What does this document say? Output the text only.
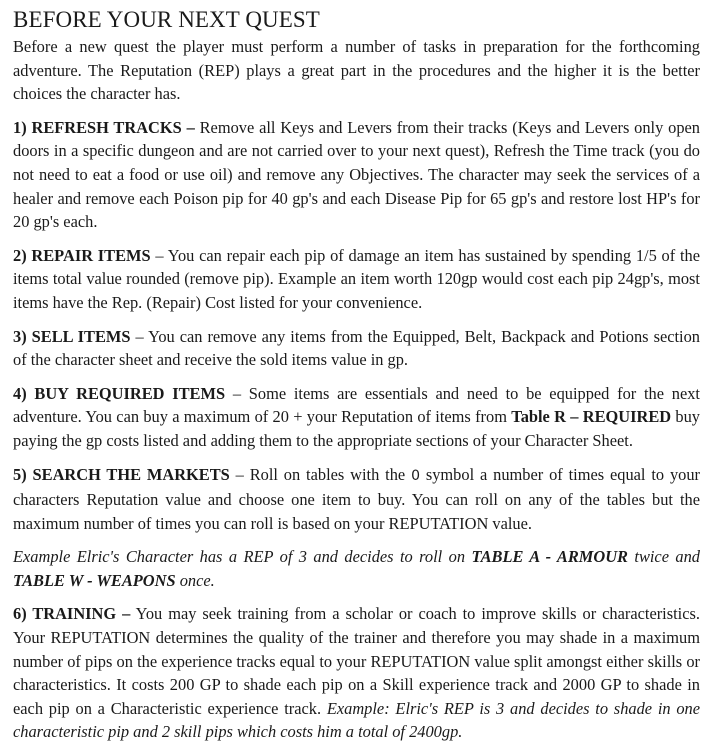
BEFORE YOUR NEXT QUEST

Before a new quest the player must perform a number of tasks in preparation for the forthcoming adventure. The Reputation (REP) plays a great part in the procedures and the higher it is the better choices the character has.

1) REFRESH TRACKS – Remove all Keys and Levers from their tracks (Keys and Levers only open doors in a specific dungeon and are not carried over to your next quest), Refresh the Time track (you do not need to eat a food or use oil) and remove any Objectives. The character may seek the services of a healer and remove each Poison pip for 40 gp's and each Disease Pip for 65 gp's and restore lost HP's for 20 gp's each.

2) REPAIR ITEMS – You can repair each pip of damage an item has sustained by spending 1/5 of the items total value rounded (remove pip). Example an item worth 120gp would cost each pip 24gp's, most items have the Rep. (Repair) Cost listed for your convenience.

3) SELL ITEMS – You can remove any items from the Equipped, Belt, Backpack and Potions section of the character sheet and receive the sold items value in gp.

4) BUY REQUIRED ITEMS – Some items are essentials and need to be equipped for the next adventure. You can buy a maximum of 20 + your Reputation of items from Table R – REQUIRED buy paying the gp costs listed and adding them to the appropriate sections of your Character Sheet.

5) SEARCH THE MARKETS – Roll on tables with the 0 symbol a number of times equal to your characters Reputation value and choose one item to buy. You can roll on any of the tables but the maximum number of times you can roll is based on your REPUTATION value.

Example Elric's Character has a REP of 3 and decides to roll on TABLE A - ARMOUR twice and TABLE W - WEAPONS once.

6) TRAINING – You may seek training from a scholar or coach to improve skills or characteristics. Your REPUTATION determines the quality of the trainer and therefore you may shade in a maximum number of pips on the experience tracks equal to your REPUTATION value split amongst either skills or characteristics. It costs 200 GP to shade each pip on a Skill experience track and 2000 GP to shade in each pip on a Characteristic experience track. Example: Elric's REP is 3 and decides to shade in one characteristic pip and 2 skill pips which costs him a total of 2400gp.
